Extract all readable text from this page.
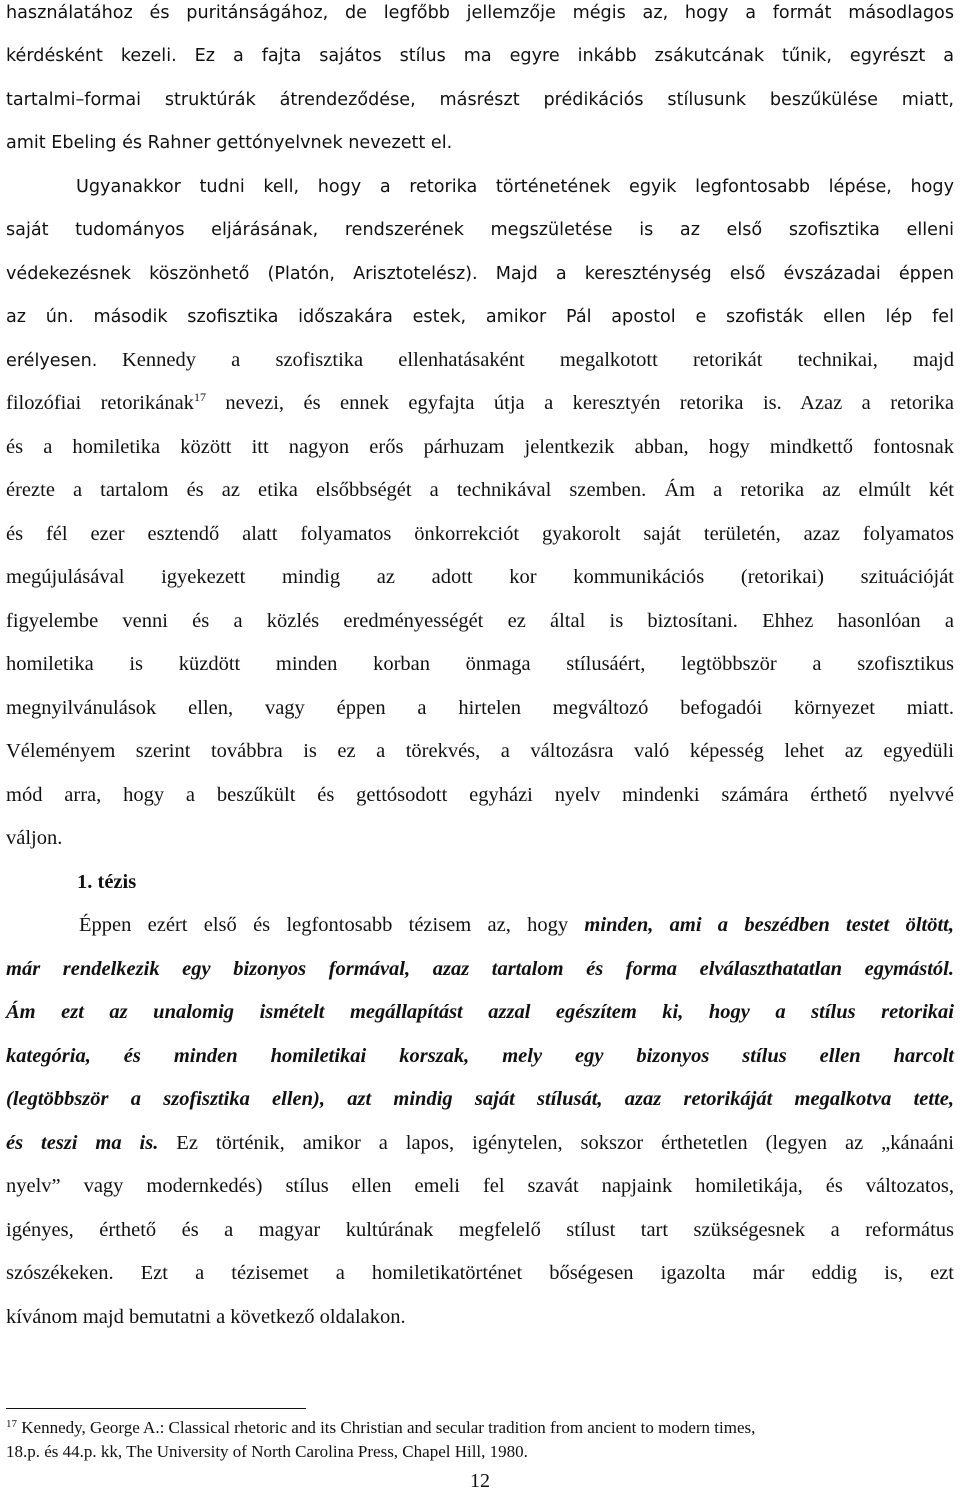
használatához és puritánságához, de legfőbb jellemzője mégis az, hogy a formát másodlagos
kérdésként kezeli. Ez a fajta sajátos stílus ma egyre inkább zsákutcának tűnik, egyrészt a
tartalmi–formai struktúrák átrendeződése, másrészt prédikációs stílusunk beszűkülése miatt,
amit Ebeling és Rahner gettónyelvnek nevezett el.
Ugyanakkor tudni kell, hogy a retorika történetének egyik legfontosabb lépése, hogy
saját tudományos eljárásának, rendszerének megszületése is az első szofisztika elleni
védekezésnek köszönhető (Platón, Arisztotelész). Majd a kereszténység első évszázadai éppen
az ún. második szofisztika időszakára estek, amikor Pál apostol e szofisták ellen lép fel
erélyesen.	Kennedy a szofisztika ellenhatásaként megalkotott retorikát technikai, majd
filozófiai retorikának$^{17}$ nevezi, és ennek egyfajta útja a keresztyén retorika is. Azaz a retorika
és a homiletika között itt nagyon erős párhuzam jelentkezik abban, hogy mindkettő fontosnak
érezte a tartalom és az etika elsőbbségét a technikával szemben. Ám a retorika az elmúlt két
és fél ezer esztendő alatt folyamatos önkorrekciót gyakorolt saját területén, azaz folyamatos
megújulásával igyekezett mindig az adott kor kommunikációs (retorikai) szituációját
figyelembe venni és a közlés eredményességét ez által is biztosítani. Ehhez hasonlóan a
homiletika is küzdött minden korban önmaga stílusáért, legtöbbször a szofisztikus
megnyilvánulások ellen, vagy éppen a hirtelen megváltozó befogadói környezet miatt.
Véleményem szerint továbbra is ez a törekvés, a változásra való képesség lehet az egyedüli
mód arra, hogy a beszűkült és gettósodott egyházi nyelv mindenki számára érthető nyelvvé
váljon.
1. tézis
Éppen ezért első és legfontosabb tézisem az, hogy minden, ami a beszédben testet öltött,
már rendelkezik egy bizonyos formával, azaz tartalom és forma elválaszthatatlan egymástól.
Ám ezt az unalomig ismételt megállapítást azzal egészítem ki, hogy a stílus retorikai
kategória, és minden homiletikai korszak, mely egy bizonyos stílus ellen harcolt
(legtöbbször a szofisztika ellen), azt mindig saját stílusát, azaz retorikáját megalkotva tette,
és teszi ma is. Ez történik, amikor a lapos, igénytelen, sokszor érthetetlen (legyen az „kánaáni
nyelv” vagy modernkedés) stílus ellen emeli fel szavát napjaink homiletikája, és változatos,
igényes, érthető és a magyar kultúrának megfelelő stílust tart szükségesnek a református
szószékeken. Ezt a tézisemet a homiletikatörténet bőségesen igazolta már eddig is, ezt
kívánom majd bemutatni a következő oldalakon.
$^{17}$ Kennedy, George A.: Classical rhetoric and its Christian and secular tradition from ancient to modern times,
18.p. és 44.p. kk, The University of North Carolina Press, Chapel Hill, 1980.
12
